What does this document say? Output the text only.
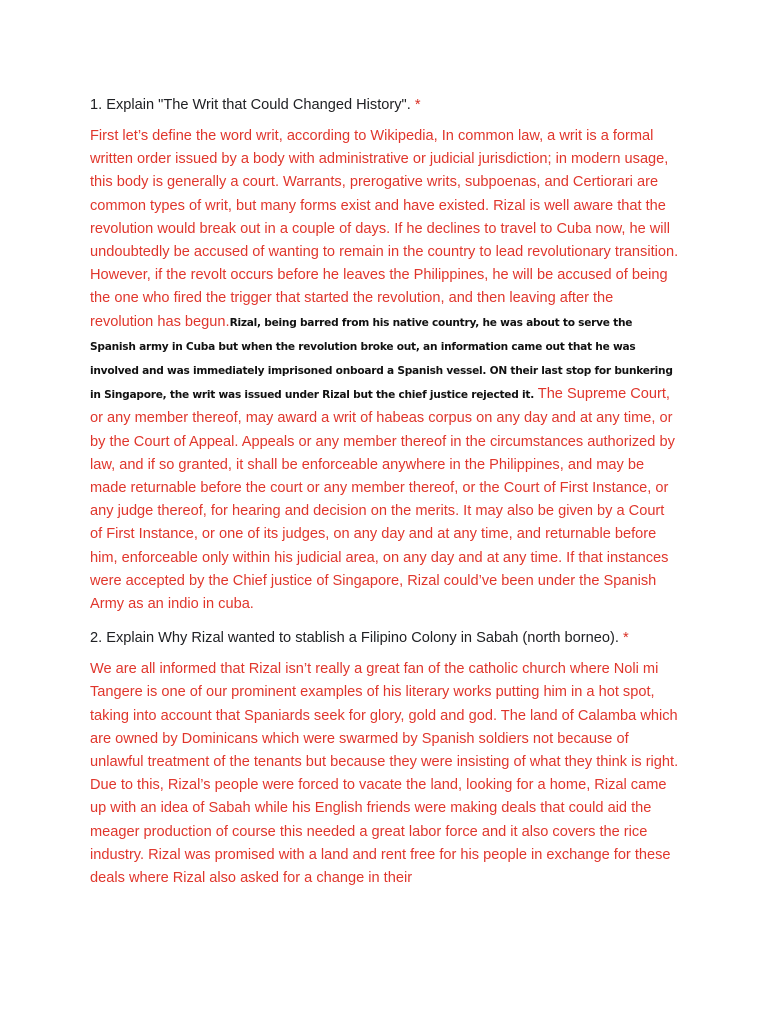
1. Explain "The Writ that Could Changed History". *

First let’s define the word writ, according to Wikipedia, In common law, a writ is a formal written order issued by a body with administrative or judicial jurisdiction; in modern usage, this body is generally a court. Warrants, prerogative writs, subpoenas, and Certiorari are common types of writ, but many forms exist and have existed. Rizal is well aware that the revolution would break out in a couple of days. If he declines to travel to Cuba now, he will undoubtedly be accused of wanting to remain in the country to lead revolutionary transition. However, if the revolt occurs before he leaves the Philippines, he will be accused of being the one who fired the trigger that started the revolution, and then leaving after the revolution has begun.Rizal, being barred from his native country, he was about to serve the Spanish army in Cuba but when the revolution broke out, an information came out that he was involved and was immediately imprisoned onboard a Spanish vessel. ON their last stop for bunkering in Singapore, the writ was issued under Rizal but the chief justice rejected it. The Supreme Court, or any member thereof, may award a writ of habeas corpus on any day and at any time, or by the Court of Appeal. Appeals or any member thereof in the circumstances authorized by law, and if so granted, it shall be enforceable anywhere in the Philippines, and may be made returnable before the court or any member thereof, or the Court of First Instance, or any judge thereof, for hearing and decision on the merits. It may also be given by a Court of First Instance, or one of its judges, on any day and at any time, and returnable before him, enforceable only within his judicial area, on any day and at any time. If that instances were accepted by the Chief justice of Singapore, Rizal could’ve been under the Spanish Army as an indio in cuba.

2. Explain Why Rizal wanted to stablish a Filipino Colony in Sabah (north borneo). *

We are all informed that Rizal isn’t really a great fan of the catholic church where Noli mi Tangere is one of our prominent examples of his literary works putting him in a hot spot, taking into account that Spaniards seek for glory, gold and god. The land of Calamba which are owned by Dominicans which were swarmed by Spanish soldiers not because of unlawful treatment of the tenants but because they were insisting of what they think is right. Due to this, Rizal’s people were forced to vacate the land, looking for a home, Rizal came up with an idea of Sabah while his English friends were making deals that could aid the meager production of course this needed a great labor force and it also covers the rice industry. Rizal was promised with a land and rent free for his people in exchange for these deals where Rizal also asked for a change in their
